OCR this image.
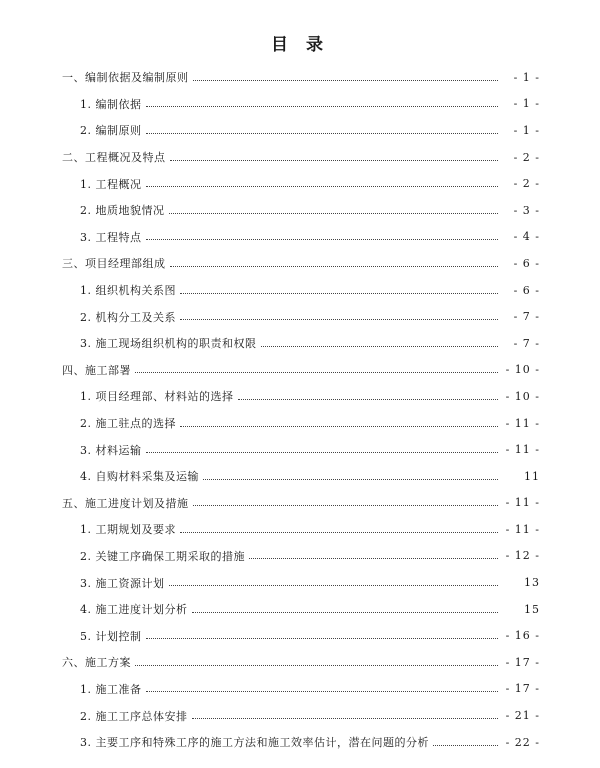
目 录
一、编制依据及编制原则	- 1 -
1. 编制依据	- 1 -
2. 编制原则	- 1 -
二、工程概况及特点	- 2 -
1. 工程概况	- 2 -
2. 地质地貌情况	- 3 -
3. 工程特点	- 4 -
三、项目经理部组成	- 6 -
1. 组织机构关系图	- 6 -
2. 机构分工及关系	- 7 -
3. 施工现场组织机构的职责和权限	- 7 -
四、施工部署	- 10 -
1. 项目经理部、材料站的选择	- 10 -
2. 施工驻点的选择	- 11 -
3. 材料运输	- 11 -
4. 自购材料采集及运输	11
五、施工进度计划及措施	- 11 -
1. 工期规划及要求	- 11 -
2. 关键工序确保工期采取的措施	- 12 -
3. 施工资源计划	13
4. 施工进度计划分析	15
5. 计划控制	- 16 -
六、施工方案	- 17 -
1. 施工准备	- 17 -
2. 施工工序总体安排	- 21 -
3. 主要工序和特殊工序的施工方法和施工效率估计，潜在问题的分析	- 22 -
